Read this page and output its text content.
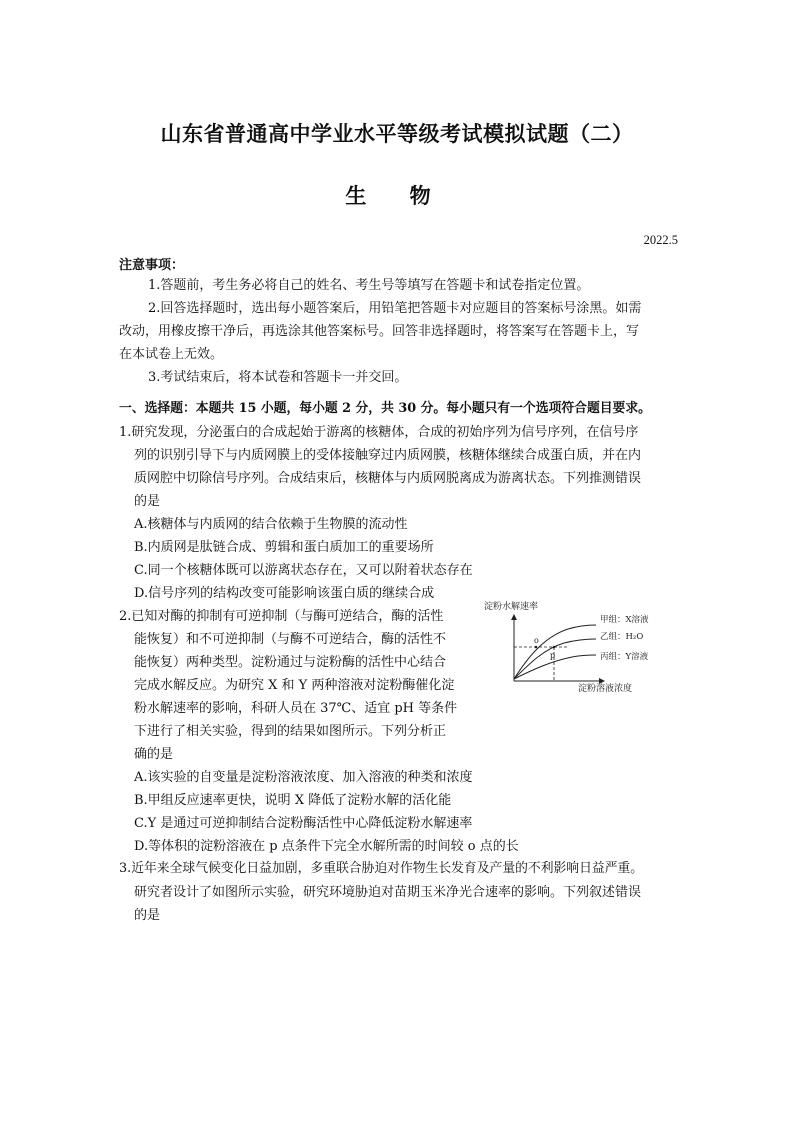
山东省普通高中学业水平等级考试模拟试题（二）
生 物
2022.5
注意事项：
1.答题前，考生务必将自己的姓名、考生号等填写在答题卡和试卷指定位置。
2.回答选择题时，选出每小题答案后，用铅笔把答题卡对应题目的答案标号涂黑。如需
改动，用橡皮擦干净后，再选涂其他答案标号。回答非选择题时，将答案写在答题卡上，写
在本试卷上无效。
3.考试结束后，将本试卷和答题卡一并交回。
一、选择题：本题共 15 小题，每小题 2 分，共 30 分。每小题只有一个选项符合题目要求。
1.研究发现，分泌蛋白的合成起始于游离的核糖体，合成的初始序列为信号序列，在信号序
列的识别引导下与内质网膜上的受体接触穿过内质网膜，核糖体继续合成蛋白质，并在内
质网腔中切除信号序列。合成结束后，核糖体与内质网脱离成为游离状态。下列推测错误
的是
A.核糖体与内质网的结合依赖于生物膜的流动性
B.内质网是肽链合成、剪辑和蛋白质加工的重要场所
C.同一个核糖体既可以游离状态存在，又可以附着状态存在
D.信号序列的结构改变可能影响该蛋白质的继续合成
2.已知对酶的抑制有可逆抑制（与酶可逆结合，酶的活性
能恢复）和不可逆抑制（与酶不可逆结合，酶的活性不
能恢复）两种类型。淀粉通过与淀粉酶的活性中心结合
完成水解反应。为研究 X 和 Y 两种溶液对淀粉酶催化淀
粉水解速率的影响，科研人员在 37℃、适宜 pH 等条件
下进行了相关实验，得到的结果如图所示。下列分析正
确的是
A.该实验的自变量是淀粉溶液浓度、加入溶液的种类和浓度
B.甲组反应速率更快，说明 X 降低了淀粉水解的活化能
C.Y 是通过可逆抑制结合淀粉酶活性中心降低淀粉水解速率
D.等体积的淀粉溶液在 p 点条件下完全水解所需的时间较 o 点的长
3.近年来全球气候变化日益加剧，多重联合胁迫对作物生长发育及产量的不利影响日益严重。
研究者设计了如图所示实验，研究环境胁迫对苗期玉米净光合速率的影响。下列叙述错误
的是
淀粉水解速率
o
p
甲组：X溶液
乙组：H₂O
丙组：Y溶液
淀粉溶液浓度
